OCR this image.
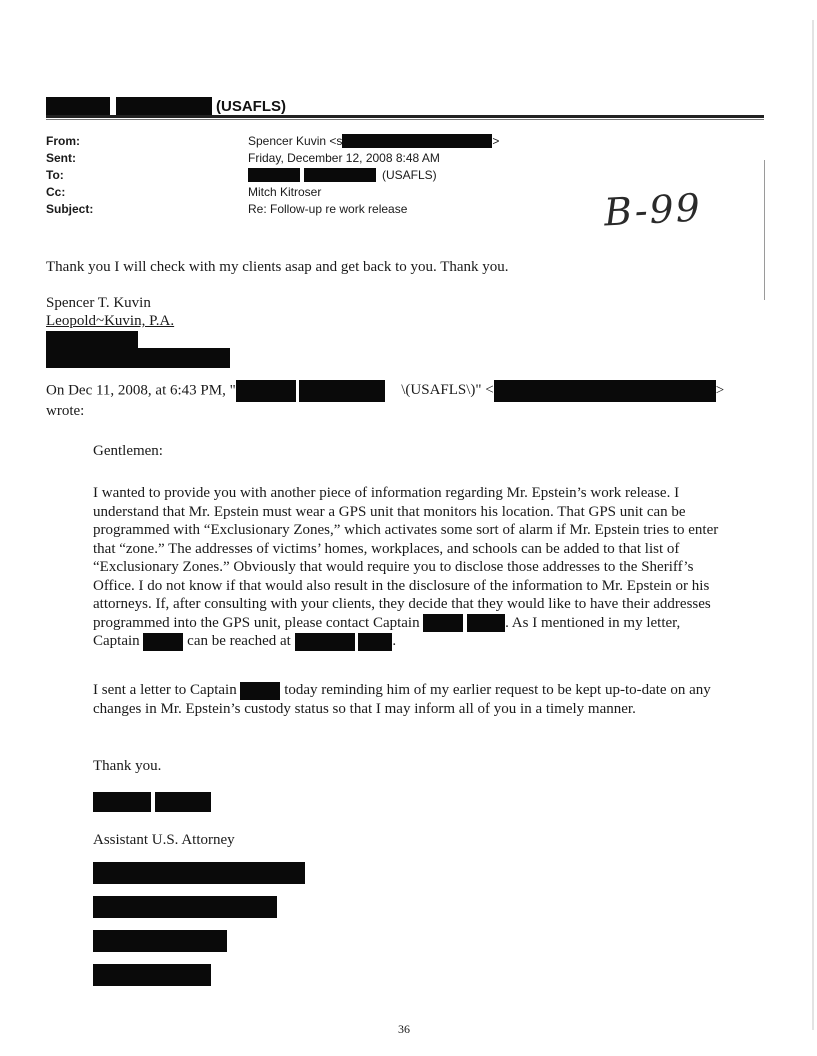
(USAFLS)
From:	Spencer Kuvin <s	>
Sent:	Friday, December 12, 2008 8:48 AM
To:	(USAFLS)
Cc:	Mitch Kitroser
Subject:	Re: Follow-up re work release	B-99
Thank you I will check with my clients asap and get back to you. Thank you.
Spencer T. Kuvin
Leopold~Kuvin, P.A.
On Dec 11, 2008, at 6:43 PM, "	\(USAFLS\)" <	>
wrote:
Gentlemen:
I wanted to provide you with another piece of information regarding Mr. Epstein’s work release. I understand that Mr. Epstein must wear a GPS unit that monitors his location. That GPS unit can be programmed with “Exclusionary Zones,” which activates some sort of alarm if Mr. Epstein tries to enter that “zone.” The addresses of victims’ homes, workplaces, and schools can be added to that list of “Exclusionary Zones.” Obviously that would require you to disclose those addresses to the Sheriff’s Office. I do not know if that would also result in the disclosure of the information to Mr. Epstein or his attorneys. If, after consulting with your clients, they decide that they would like to have their addresses programmed into the GPS unit, please contact Captain	. As I mentioned in my letter, Captain	can be reached at	.
I sent a letter to Captain	today reminding him of my earlier request to be kept up-to-date on any changes in Mr. Epstein’s custody status so that I may inform all of you in a timely manner.
Thank you.

Assistant U.S. Attorney
36
